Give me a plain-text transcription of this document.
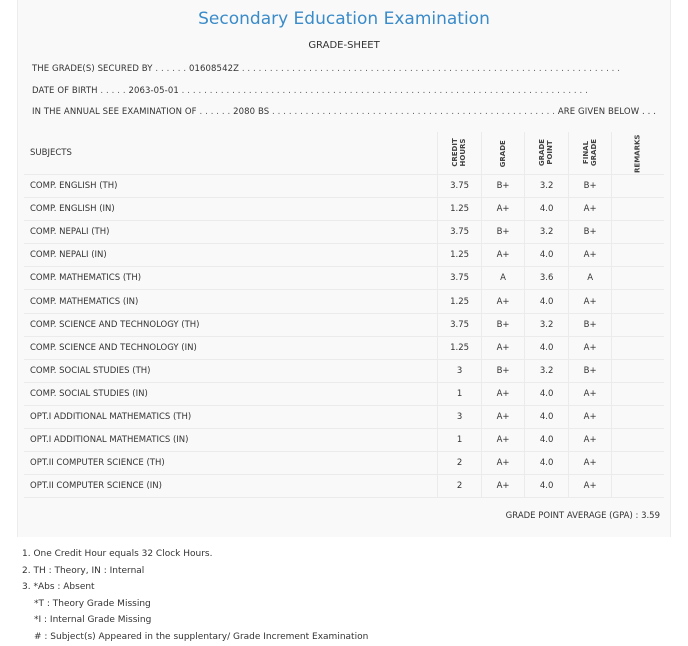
Secondary Education Examination
GRADE-SHEET
THE GRADE(S) SECURED BY . . . . . . 01608542Z . . . . . . . . . . . . . . . . . . . . . . . . . . . . . . . . . . . . . . . . . . . . . . . . . . . . . . . . . . . . . . . . . . . .
DATE OF BIRTH . . . . . 2063-05-01 . . . . . . . . . . . . . . . . . . . . . . . . . . . . . . . . . . . . . . . . . . . . . . . . . . . . . . . . . . . . . . . . . . . . . . . . .
IN THE ANNUAL SEE EXAMINATION OF . . . . . . 2080 BS . . . . . . . . . . . . . . . . . . . . . . . . . . . . . . . . . . . . . . . . . . . . . . . . . . . ARE GIVEN BELOW . . .
SUBJECTS	CREDIT HOURS	GRADE	GRADE POINT	FINAL GRADE	REMARKS

COMP. ENGLISH (TH)	3.75	B+	3.2	B+	
COMP. ENGLISH (IN)	1.25	A+	4.0	A+	
COMP. NEPALI (TH)	3.75	B+	3.2	B+	
COMP. NEPALI (IN)	1.25	A+	4.0	A+	
COMP. MATHEMATICS (TH)	3.75	A	3.6	A	
COMP. MATHEMATICS (IN)	1.25	A+	4.0	A+	
COMP. SCIENCE AND TECHNOLOGY (TH)	3.75	B+	3.2	B+	
COMP. SCIENCE AND TECHNOLOGY (IN)	1.25	A+	4.0	A+	
COMP. SOCIAL STUDIES (TH)	3	B+	3.2	B+	
COMP. SOCIAL STUDIES (IN)	1	A+	4.0	A+	
OPT.I ADDITIONAL MATHEMATICS (TH)	3	A+	4.0	A+	
OPT.I ADDITIONAL MATHEMATICS (IN)	1	A+	4.0	A+	
OPT.II COMPUTER SCIENCE (TH)	2	A+	4.0	A+	
OPT.II COMPUTER SCIENCE (IN)	2	A+	4.0	A+	
GRADE POINT AVERAGE (GPA) : 3.59
1. One Credit Hour equals 32 Clock Hours.
2. TH : Theory, IN : Internal
3. *Abs : Absent
*T : Theory Grade Missing
*I : Internal Grade Missing
# : Subject(s) Appeared in the supplentary/ Grade Increment Examination
